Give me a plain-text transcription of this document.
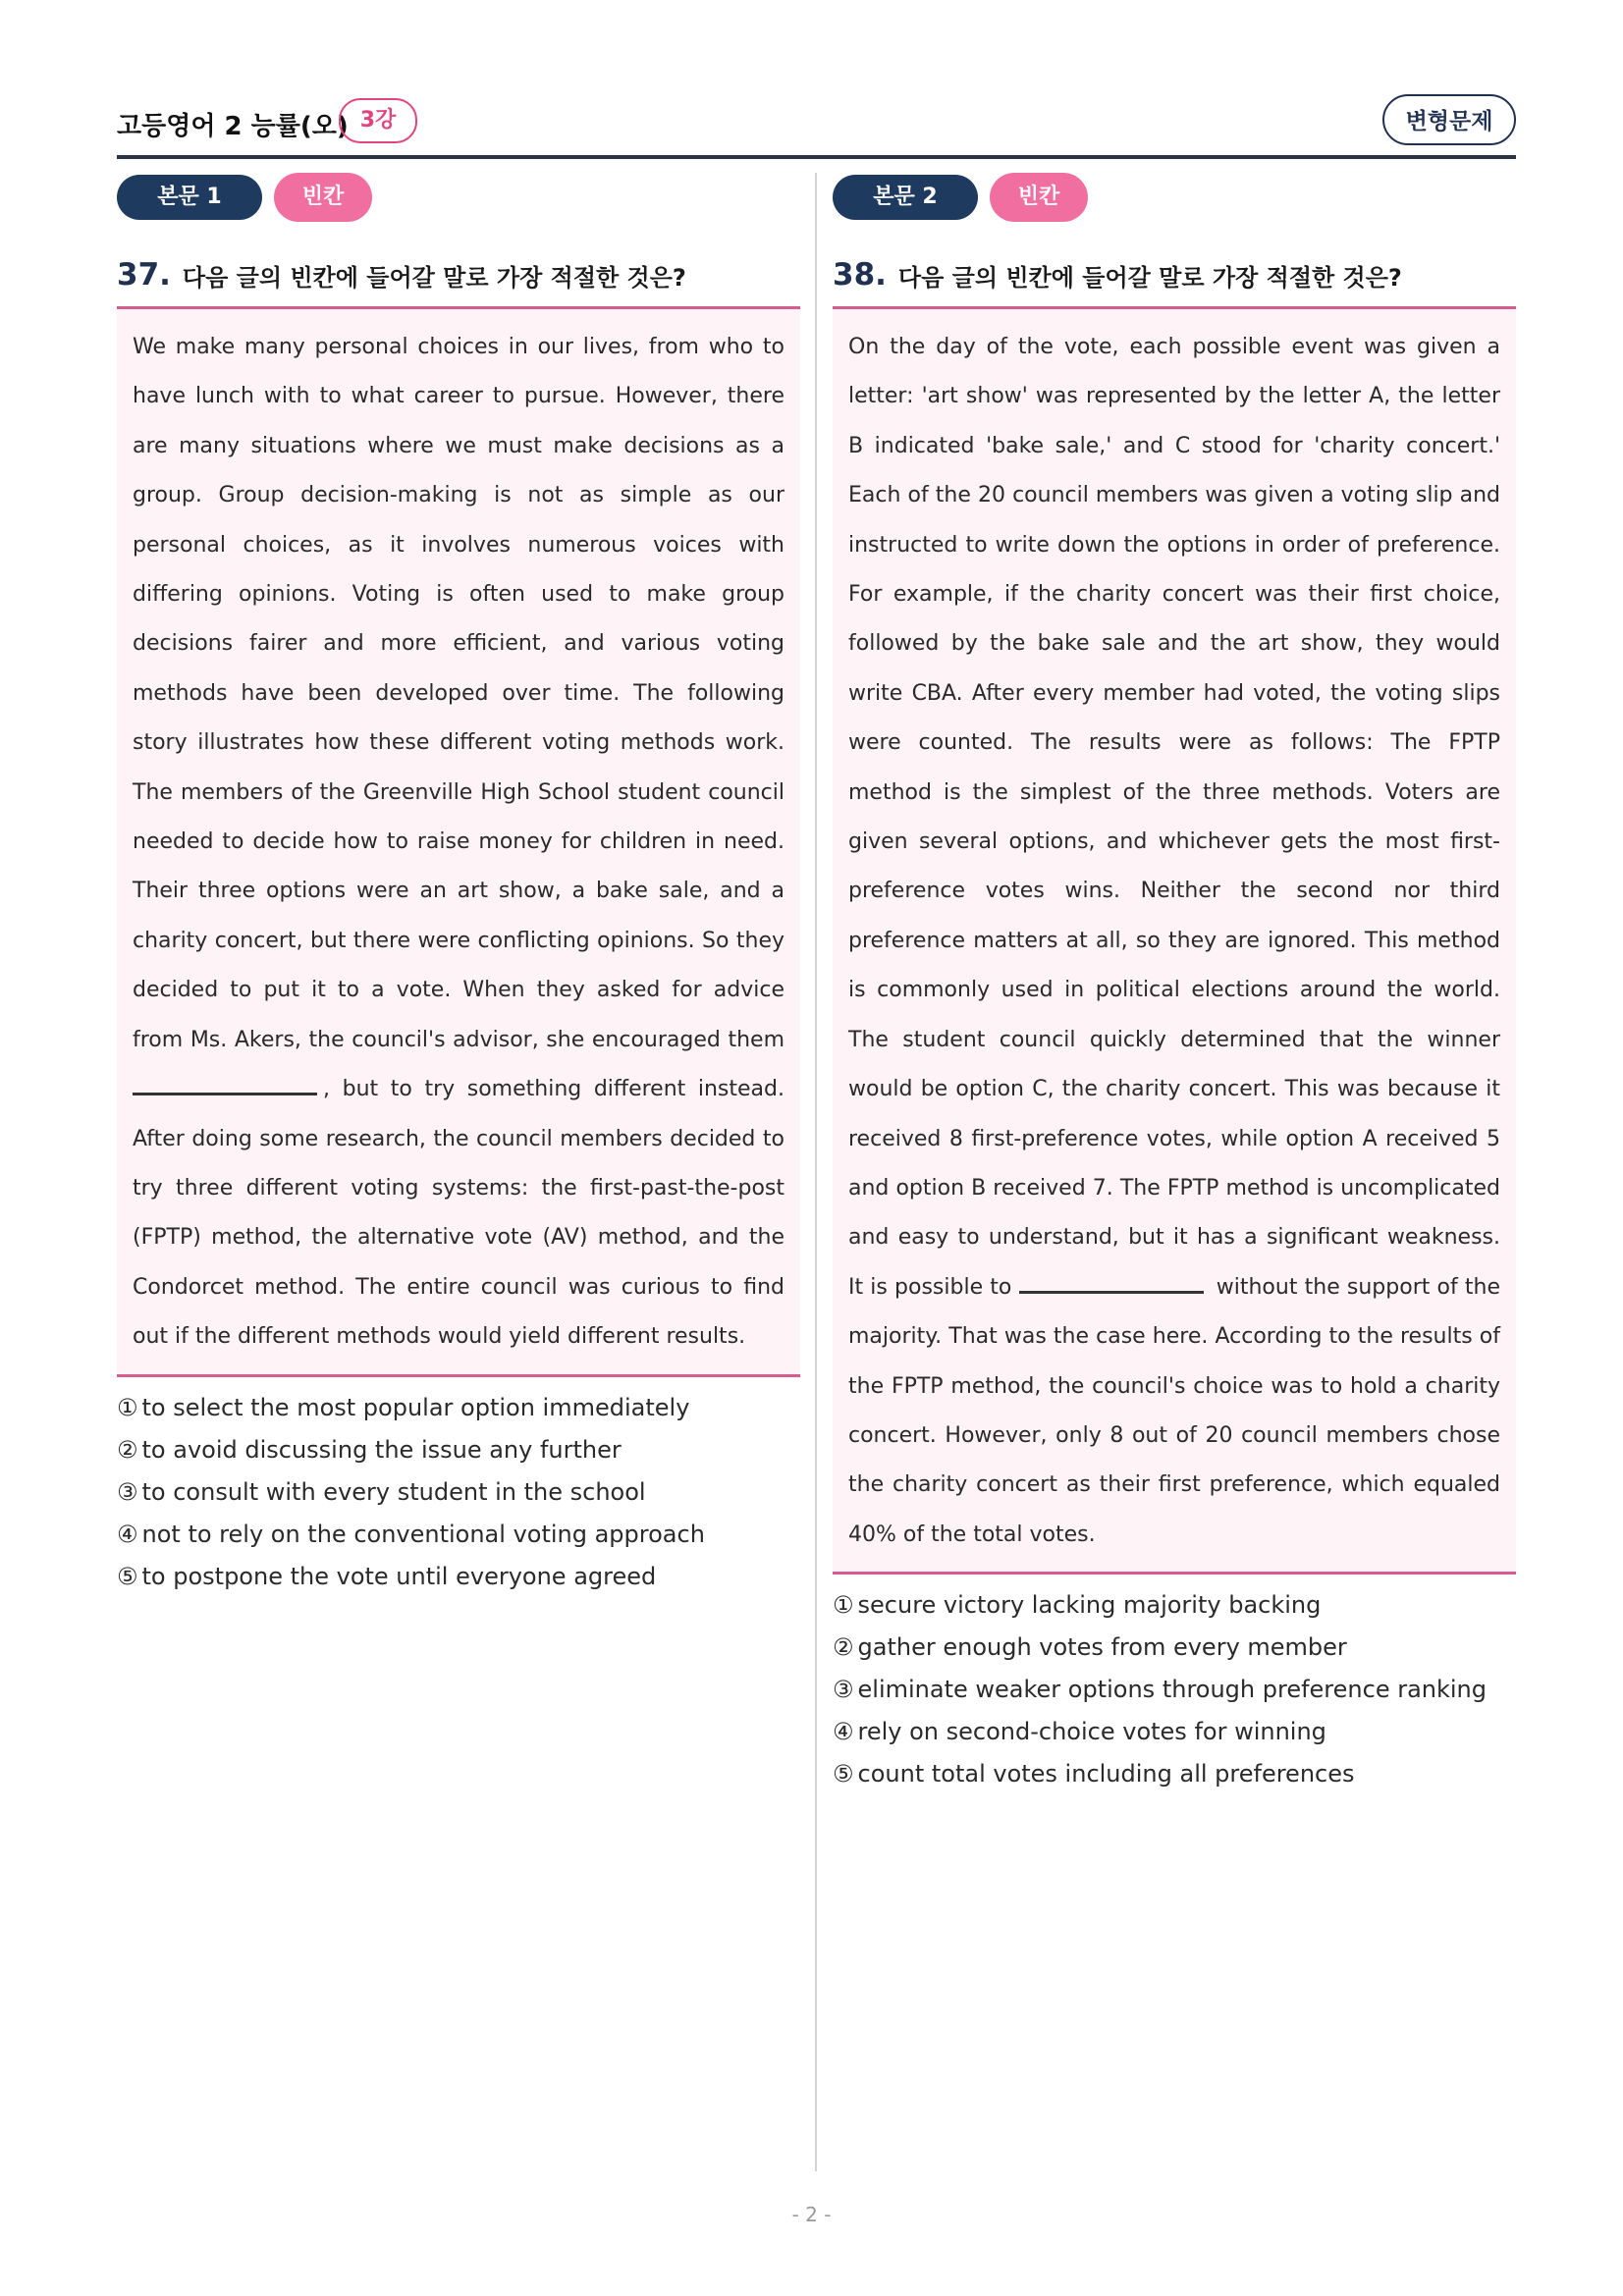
고등영어 2 능률(오) 3강	변형문제
본문 1	빈칸
37. 다음 글의 빈칸에 들어갈 말로 가장 적절한 것은?

We make many personal choices in our lives, from who to have lunch with to what career to pursue. However, there are many situations where we must make decisions as a group. Group decision-making is not as simple as our personal choices, as it involves numerous voices with differing opinions. Voting is often used to make group decisions fairer and more efficient, and various voting methods have been developed over time. The following story illustrates how these different voting methods work. The members of the Greenville High School student council needed to decide how to raise money for children in need. Their three options were an art show, a bake sale, and a charity concert, but there were conflicting opinions. So they decided to put it to a vote. When they asked for advice from Ms. Akers, the council's advisor, she encouraged them , but to try something different instead. After doing some research, the council members decided to try three different voting systems: the first-past-the-post (FPTP) method, the alternative vote (AV) method, and the Condorcet method. The entire council was curious to find out if the different methods would yield different results.

① to select the most popular option immediately
② to avoid discussing the issue any further
③ to consult with every student in the school
④ not to rely on the conventional voting approach
⑤ to postpone the vote until everyone agreed
본문 2	빈칸
38. 다음 글의 빈칸에 들어갈 말로 가장 적절한 것은?

On the day of the vote, each possible event was given a letter: 'art show' was represented by the letter A, the letter B indicated 'bake sale,' and C stood for 'charity concert.' Each of the 20 council members was given a voting slip and instructed to write down the options in order of preference. For example, if the charity concert was their first choice, followed by the bake sale and the art show, they would write CBA. After every member had voted, the voting slips were counted. The results were as follows: The FPTP method is the simplest of the three methods. Voters are given several options, and whichever gets the most first-preference votes wins. Neither the second nor third preference matters at all, so they are ignored. This method is commonly used in political elections around the world. The student council quickly determined that the winner would be option C, the charity concert. This was because it received 8 first-preference votes, while option A received 5 and option B received 7. The FPTP method is uncomplicated and easy to understand, but it has a significant weakness. It is possible to	without the support of the majority. That was the case here. According to the results of the FPTP method, the council's choice was to hold a charity concert. However, only 8 out of 20 council members chose the charity concert as their first preference, which equaled 40% of the total votes.

① secure victory lacking majority backing
② gather enough votes from every member
③ eliminate weaker options through preference ranking
④ rely on second-choice votes for winning
⑤ count total votes including all preferences
- 2 -
